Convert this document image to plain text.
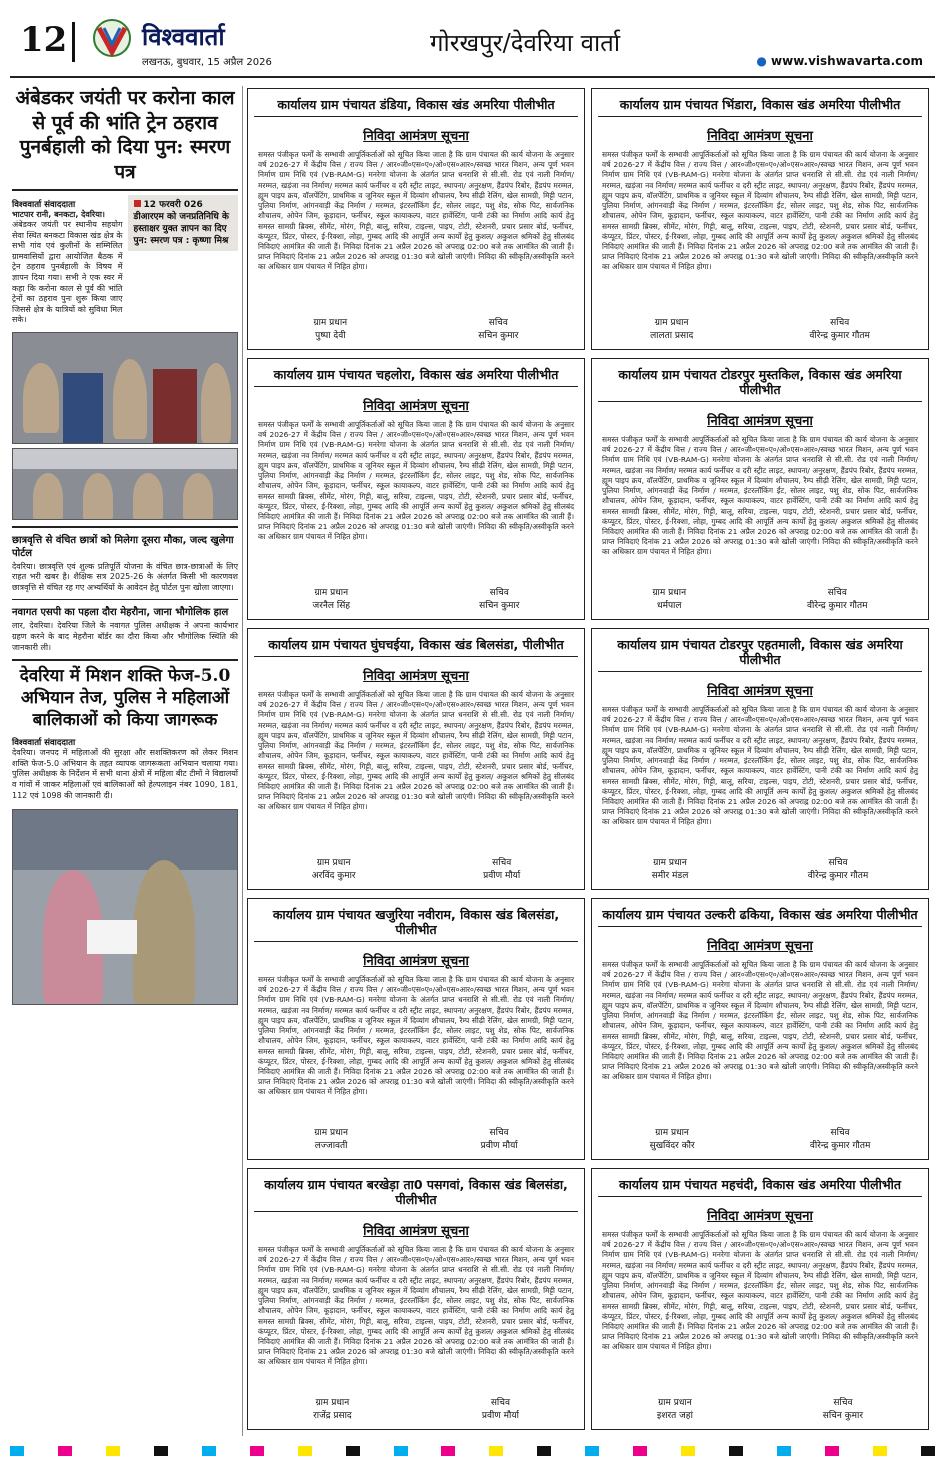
12	विश्ववार्ता
लखनऊ, बुधवार, 15 अप्रैल 2026
गोरखपुर/देवरिया वार्ता
● www.vishwavarta.com
अंबेडकर जयंती पर करोना काल से पूर्व की भांति ट्रेन ठहराव पुनर्बहाली को दिया पुन: स्मरण पत्र
विश्ववार्ता संवाददाता
भाटपार रानी, बनकटा, देवरिया।
अंबेडकर जयंती पर स्थानीय सहयोग सेवा स्थित बनकटा विकास खंड क्षेत्र के सभी गांव एवं कुलीनों के सम्मिलित ग्रामवासियों द्वारा आयोजित बैठक में ट्रेन ठहराव पुनर्बहाली के विषय में ज्ञापन दिया गया। सभी ने एक स्वर में कहा कि करोना काल से पूर्व की भांति ट्रेनों का ठहराव पुनः शुरू किया जाए जिससे क्षेत्र के यात्रियों को सुविधा मिल सके।
12 फरवरी 026 डीआरएम को जनप्रतिनिधि के हस्ताक्षर युक्त ज्ञापन का दिए पुन: स्मरण पत्र : कृष्णा मिश्र
छात्रवृत्ति से वंचित छात्रों को मिलेगा दूसरा मौका, जल्द खुलेगा पोर्टल
देवरिया। छात्रवृत्ति एवं शुल्क प्रतिपूर्ति योजना के वंचित छात्र-छात्राओं के लिए राहत भरी खबर है। शैक्षिक सत्र 2025-26 के अंतर्गत किसी भी कारणवश छात्रवृत्ति से वंचित रह गए अभ्यर्थियों के आवेदन हेतु पोर्टल पुनः खोला जाएगा।
नवागत एसपी का पहला दौरा मेहरौना, जाना भौगोलिक हाल
लार, देवरिया। देवरिया जिले के नवागत पुलिस अधीक्षक ने अपना कार्यभार ग्रहण करने के बाद मेहरौना बॉर्डर का दौरा किया और भौगोलिक स्थिति की जानकारी ली।
देवरिया में मिशन शक्ति फेज-5.0 अभियान तेज, पुलिस ने महिलाओं बालिकाओं को किया जागरूक
विश्ववार्ता संवाददाता
देवरिया। जनपद में महिलाओं की सुरक्षा और सशक्तिकरण को लेकर मिशन शक्ति फेज-5.0 अभियान के तहत व्यापक जागरूकता अभियान चलाया गया। पुलिस अधीक्षक के निर्देशन में सभी थाना क्षेत्रों में महिला बीट टीमों ने विद्यालयों व गांवों में जाकर महिलाओं एवं बालिकाओं को हेल्पलाइन नंबर 1090, 181, 112 एवं 1098 की जानकारी दी।
कार्यालय ग्राम पंचायत डंडिया, विकास खंड अमरिया पीलीभीत
निविदा आमंत्रण सूचना
समस्त पंजीकृत फर्मों के सम्भावी आपूर्तिकर्ताओं को सूचित किया जाता है कि ग्राम पंचायत की कार्य योजना के अनुसार वर्ष 2026-27 में केंद्रीय वित्त / राज्य वित्त / आर०जी०एस०ए०/ओ०एस०आर०/स्वच्छ भारत मिशन, अन्य पूर्ण भवन निर्माण ग्राम निधि एवं (VB-RAM-G) मनरेगा योजना के अंतर्गत प्राप्त धनराशि से सी.सी. रोड एवं नाली निर्माण/ मरम्मत, खड़ंजा नव निर्माण/ मरम्मत कार्य फर्नीचर व दरी स्ट्रीट लाइट, स्थापना/ अनुरक्षण, हैंडपंप रिबोर, हैंडपंप मरम्मत, ह्यूम पाइप क्रय, वॉलपेंटिंग, प्राथमिक व जूनियर स्कूल में दिव्यांग शौचालय, रैम्प सीढ़ी रेलिंग, खेल सामग्री, मिट्टी पटान, पुलिया निर्माण, आंगनवाड़ी केंद्र निर्माण / मरम्मत, इंटरलॉकिंग ईंट, सोलर लाइट, पशु शेड, सोक पिट, सार्वजनिक शौचालय, ओपेन जिम, कूड़ादान, फर्नीचर, स्कूल कायाकल्प, वाटर हार्वेस्टिंग, पानी टंकी का निर्माण आदि कार्य हेतु समस्त सामग्री ब्रिक्स, सीमेंट, मोरंग, गिट्टी, बालू, सरिया, टाइल्स, पाइप, टोटी, स्टेशनरी, प्रचार प्रसार बोर्ड, फर्नीचर, कंप्यूटर, प्रिंटर, पोस्टर, ई-रिक्शा, लोहा, गुम्बद आदि की आपूर्ति अन्य कार्यों हेतु कुशल/ अकुशल श्रमिकों हेतु सीलबंद निविदाएं आमंत्रित की जाती हैं। निविदा दिनांक 21 अप्रैल 2026 को अपराह्न 02:00 बजे तक आमंत्रित की जाती हैं। प्राप्त निविदाएं दिनांक 21 अप्रैल 2026 को अपराह्न 01:30 बजे खोली जाएंगी। निविदा की स्वीकृति/अस्वीकृति करने का अधिकार ग्राम पंचायत में निहित होगा।
ग्राम प्रधान
पुष्पा देवी
सचिव
सचिन कुमार
कार्यालय ग्राम पंचायत भिंडारा, विकास खंड अमरिया पीलीभीत
निविदा आमंत्रण सूचना
समस्त पंजीकृत फर्मों के सम्भावी आपूर्तिकर्ताओं को सूचित किया जाता है कि ग्राम पंचायत की कार्य योजना के अनुसार वर्ष 2026-27 में केंद्रीय वित्त / राज्य वित्त / आर०जी०एस०ए०/ओ०एस०आर०/स्वच्छ भारत मिशन, अन्य पूर्ण भवन निर्माण ग्राम निधि एवं (VB-RAM-G) मनरेगा योजना के अंतर्गत प्राप्त धनराशि से सी.सी. रोड एवं नाली निर्माण/ मरम्मत, खड़ंजा नव निर्माण/ मरम्मत कार्य फर्नीचर व दरी स्ट्रीट लाइट, स्थापना/ अनुरक्षण, हैंडपंप रिबोर, हैंडपंप मरम्मत, ह्यूम पाइप क्रय, वॉलपेंटिंग, प्राथमिक व जूनियर स्कूल में दिव्यांग शौचालय, रैम्प सीढ़ी रेलिंग, खेल सामग्री, मिट्टी पटान, पुलिया निर्माण, आंगनवाड़ी केंद्र निर्माण / मरम्मत, इंटरलॉकिंग ईंट, सोलर लाइट, पशु शेड, सोक पिट, सार्वजनिक शौचालय, ओपेन जिम, कूड़ादान, फर्नीचर, स्कूल कायाकल्प, वाटर हार्वेस्टिंग, पानी टंकी का निर्माण आदि कार्य हेतु समस्त सामग्री ब्रिक्स, सीमेंट, मोरंग, गिट्टी, बालू, सरिया, टाइल्स, पाइप, टोटी, स्टेशनरी, प्रचार प्रसार बोर्ड, फर्नीचर, कंप्यूटर, प्रिंटर, पोस्टर, ई-रिक्शा, लोहा, गुम्बद आदि की आपूर्ति अन्य कार्यों हेतु कुशल/ अकुशल श्रमिकों हेतु सीलबंद निविदाएं आमंत्रित की जाती हैं। निविदा दिनांक 21 अप्रैल 2026 को अपराह्न 02:00 बजे तक आमंत्रित की जाती हैं। प्राप्त निविदाएं दिनांक 21 अप्रैल 2026 को अपराह्न 01:30 बजे खोली जाएंगी। निविदा की स्वीकृति/अस्वीकृति करने का अधिकार ग्राम पंचायत में निहित होगा।
ग्राम प्रधान
लालता प्रसाद
सचिव
वीरेन्द्र कुमार गौतम
कार्यालय ग्राम पंचायत चहलोरा, विकास खंड अमरिया पीलीभीत
निविदा आमंत्रण सूचना
समस्त पंजीकृत फर्मों के सम्भावी आपूर्तिकर्ताओं को सूचित किया जाता है कि ग्राम पंचायत की कार्य योजना के अनुसार वर्ष 2026-27 में केंद्रीय वित्त / राज्य वित्त / आर०जी०एस०ए०/ओ०एस०आर०/स्वच्छ भारत मिशन, अन्य पूर्ण भवन निर्माण ग्राम निधि एवं (VB-RAM-G) मनरेगा योजना के अंतर्गत प्राप्त धनराशि से सी.सी. रोड एवं नाली निर्माण/ मरम्मत, खड़ंजा नव निर्माण/ मरम्मत कार्य फर्नीचर व दरी स्ट्रीट लाइट, स्थापना/ अनुरक्षण, हैंडपंप रिबोर, हैंडपंप मरम्मत, ह्यूम पाइप क्रय, वॉलपेंटिंग, प्राथमिक व जूनियर स्कूल में दिव्यांग शौचालय, रैम्प सीढ़ी रेलिंग, खेल सामग्री, मिट्टी पटान, पुलिया निर्माण, आंगनवाड़ी केंद्र निर्माण / मरम्मत, इंटरलॉकिंग ईंट, सोलर लाइट, पशु शेड, सोक पिट, सार्वजनिक शौचालय, ओपेन जिम, कूड़ादान, फर्नीचर, स्कूल कायाकल्प, वाटर हार्वेस्टिंग, पानी टंकी का निर्माण आदि कार्य हेतु समस्त सामग्री ब्रिक्स, सीमेंट, मोरंग, गिट्टी, बालू, सरिया, टाइल्स, पाइप, टोटी, स्टेशनरी, प्रचार प्रसार बोर्ड, फर्नीचर, कंप्यूटर, प्रिंटर, पोस्टर, ई-रिक्शा, लोहा, गुम्बद आदि की आपूर्ति अन्य कार्यों हेतु कुशल/ अकुशल श्रमिकों हेतु सीलबंद निविदाएं आमंत्रित की जाती हैं। निविदा दिनांक 21 अप्रैल 2026 को अपराह्न 02:00 बजे तक आमंत्रित की जाती हैं। प्राप्त निविदाएं दिनांक 21 अप्रैल 2026 को अपराह्न 01:30 बजे खोली जाएंगी। निविदा की स्वीकृति/अस्वीकृति करने का अधिकार ग्राम पंचायत में निहित होगा।
ग्राम प्रधान
जरनैल सिंह
सचिव
सचिन कुमार
कार्यालय ग्राम पंचायत टोडरपुर मुस्तकिल, विकास खंड अमरिया पीलीभीत
निविदा आमंत्रण सूचना
समस्त पंजीकृत फर्मों के सम्भावी आपूर्तिकर्ताओं को सूचित किया जाता है कि ग्राम पंचायत की कार्य योजना के अनुसार वर्ष 2026-27 में केंद्रीय वित्त / राज्य वित्त / आर०जी०एस०ए०/ओ०एस०आर०/स्वच्छ भारत मिशन, अन्य पूर्ण भवन निर्माण ग्राम निधि एवं (VB-RAM-G) मनरेगा योजना के अंतर्गत प्राप्त धनराशि से सी.सी. रोड एवं नाली निर्माण/ मरम्मत, खड़ंजा नव निर्माण/ मरम्मत कार्य फर्नीचर व दरी स्ट्रीट लाइट, स्थापना/ अनुरक्षण, हैंडपंप रिबोर, हैंडपंप मरम्मत, ह्यूम पाइप क्रय, वॉलपेंटिंग, प्राथमिक व जूनियर स्कूल में दिव्यांग शौचालय, रैम्प सीढ़ी रेलिंग, खेल सामग्री, मिट्टी पटान, पुलिया निर्माण, आंगनवाड़ी केंद्र निर्माण / मरम्मत, इंटरलॉकिंग ईंट, सोलर लाइट, पशु शेड, सोक पिट, सार्वजनिक शौचालय, ओपेन जिम, कूड़ादान, फर्नीचर, स्कूल कायाकल्प, वाटर हार्वेस्टिंग, पानी टंकी का निर्माण आदि कार्य हेतु समस्त सामग्री ब्रिक्स, सीमेंट, मोरंग, गिट्टी, बालू, सरिया, टाइल्स, पाइप, टोटी, स्टेशनरी, प्रचार प्रसार बोर्ड, फर्नीचर, कंप्यूटर, प्रिंटर, पोस्टर, ई-रिक्शा, लोहा, गुम्बद आदि की आपूर्ति अन्य कार्यों हेतु कुशल/ अकुशल श्रमिकों हेतु सीलबंद निविदाएं आमंत्रित की जाती हैं। निविदा दिनांक 21 अप्रैल 2026 को अपराह्न 02:00 बजे तक आमंत्रित की जाती हैं। प्राप्त निविदाएं दिनांक 21 अप्रैल 2026 को अपराह्न 01:30 बजे खोली जाएंगी। निविदा की स्वीकृति/अस्वीकृति करने का अधिकार ग्राम पंचायत में निहित होगा।
ग्राम प्रधान
धर्मपाल
सचिव
वीरेन्द्र कुमार गौतम
कार्यालय ग्राम पंचायत घुंघचईया, विकास खंड बिलसंडा, पीलीभीत
निविदा आमंत्रण सूचना
समस्त पंजीकृत फर्मों के सम्भावी आपूर्तिकर्ताओं को सूचित किया जाता है कि ग्राम पंचायत की कार्य योजना के अनुसार वर्ष 2026-27 में केंद्रीय वित्त / राज्य वित्त / आर०जी०एस०ए०/ओ०एस०आर०/स्वच्छ भारत मिशन, अन्य पूर्ण भवन निर्माण ग्राम निधि एवं (VB-RAM-G) मनरेगा योजना के अंतर्गत प्राप्त धनराशि से सी.सी. रोड एवं नाली निर्माण/ मरम्मत, खड़ंजा नव निर्माण/ मरम्मत कार्य फर्नीचर व दरी स्ट्रीट लाइट, स्थापना/ अनुरक्षण, हैंडपंप रिबोर, हैंडपंप मरम्मत, ह्यूम पाइप क्रय, वॉलपेंटिंग, प्राथमिक व जूनियर स्कूल में दिव्यांग शौचालय, रैम्प सीढ़ी रेलिंग, खेल सामग्री, मिट्टी पटान, पुलिया निर्माण, आंगनवाड़ी केंद्र निर्माण / मरम्मत, इंटरलॉकिंग ईंट, सोलर लाइट, पशु शेड, सोक पिट, सार्वजनिक शौचालय, ओपेन जिम, कूड़ादान, फर्नीचर, स्कूल कायाकल्प, वाटर हार्वेस्टिंग, पानी टंकी का निर्माण आदि कार्य हेतु समस्त सामग्री ब्रिक्स, सीमेंट, मोरंग, गिट्टी, बालू, सरिया, टाइल्स, पाइप, टोटी, स्टेशनरी, प्रचार प्रसार बोर्ड, फर्नीचर, कंप्यूटर, प्रिंटर, पोस्टर, ई-रिक्शा, लोहा, गुम्बद आदि की आपूर्ति अन्य कार्यों हेतु कुशल/ अकुशल श्रमिकों हेतु सीलबंद निविदाएं आमंत्रित की जाती हैं। निविदा दिनांक 21 अप्रैल 2026 को अपराह्न 02:00 बजे तक आमंत्रित की जाती हैं। प्राप्त निविदाएं दिनांक 21 अप्रैल 2026 को अपराह्न 01:30 बजे खोली जाएंगी। निविदा की स्वीकृति/अस्वीकृति करने का अधिकार ग्राम पंचायत में निहित होगा।
ग्राम प्रधान
अरविंद कुमार
सचिव
प्रवीण मौर्या
कार्यालय ग्राम पंचायत टोडरपुर एहतमाली, विकास खंड अमरिया पीलीभीत
निविदा आमंत्रण सूचना
समस्त पंजीकृत फर्मों के सम्भावी आपूर्तिकर्ताओं को सूचित किया जाता है कि ग्राम पंचायत की कार्य योजना के अनुसार वर्ष 2026-27 में केंद्रीय वित्त / राज्य वित्त / आर०जी०एस०ए०/ओ०एस०आर०/स्वच्छ भारत मिशन, अन्य पूर्ण भवन निर्माण ग्राम निधि एवं (VB-RAM-G) मनरेगा योजना के अंतर्गत प्राप्त धनराशि से सी.सी. रोड एवं नाली निर्माण/ मरम्मत, खड़ंजा नव निर्माण/ मरम्मत कार्य फर्नीचर व दरी स्ट्रीट लाइट, स्थापना/ अनुरक्षण, हैंडपंप रिबोर, हैंडपंप मरम्मत, ह्यूम पाइप क्रय, वॉलपेंटिंग, प्राथमिक व जूनियर स्कूल में दिव्यांग शौचालय, रैम्प सीढ़ी रेलिंग, खेल सामग्री, मिट्टी पटान, पुलिया निर्माण, आंगनवाड़ी केंद्र निर्माण / मरम्मत, इंटरलॉकिंग ईंट, सोलर लाइट, पशु शेड, सोक पिट, सार्वजनिक शौचालय, ओपेन जिम, कूड़ादान, फर्नीचर, स्कूल कायाकल्प, वाटर हार्वेस्टिंग, पानी टंकी का निर्माण आदि कार्य हेतु समस्त सामग्री ब्रिक्स, सीमेंट, मोरंग, गिट्टी, बालू, सरिया, टाइल्स, पाइप, टोटी, स्टेशनरी, प्रचार प्रसार बोर्ड, फर्नीचर, कंप्यूटर, प्रिंटर, पोस्टर, ई-रिक्शा, लोहा, गुम्बद आदि की आपूर्ति अन्य कार्यों हेतु कुशल/ अकुशल श्रमिकों हेतु सीलबंद निविदाएं आमंत्रित की जाती हैं। निविदा दिनांक 21 अप्रैल 2026 को अपराह्न 02:00 बजे तक आमंत्रित की जाती हैं। प्राप्त निविदाएं दिनांक 21 अप्रैल 2026 को अपराह्न 01:30 बजे खोली जाएंगी। निविदा की स्वीकृति/अस्वीकृति करने का अधिकार ग्राम पंचायत में निहित होगा।
ग्राम प्रधान
समीर मंडल
सचिव
वीरेन्द्र कुमार गौतम
कार्यालय ग्राम पंचायत खजुरिया नवीराम, विकास खंड बिलसंडा, पीलीभीत
निविदा आमंत्रण सूचना
समस्त पंजीकृत फर्मों के सम्भावी आपूर्तिकर्ताओं को सूचित किया जाता है कि ग्राम पंचायत की कार्य योजना के अनुसार वर्ष 2026-27 में केंद्रीय वित्त / राज्य वित्त / आर०जी०एस०ए०/ओ०एस०आर०/स्वच्छ भारत मिशन, अन्य पूर्ण भवन निर्माण ग्राम निधि एवं (VB-RAM-G) मनरेगा योजना के अंतर्गत प्राप्त धनराशि से सी.सी. रोड एवं नाली निर्माण/ मरम्मत, खड़ंजा नव निर्माण/ मरम्मत कार्य फर्नीचर व दरी स्ट्रीट लाइट, स्थापना/ अनुरक्षण, हैंडपंप रिबोर, हैंडपंप मरम्मत, ह्यूम पाइप क्रय, वॉलपेंटिंग, प्राथमिक व जूनियर स्कूल में दिव्यांग शौचालय, रैम्प सीढ़ी रेलिंग, खेल सामग्री, मिट्टी पटान, पुलिया निर्माण, आंगनवाड़ी केंद्र निर्माण / मरम्मत, इंटरलॉकिंग ईंट, सोलर लाइट, पशु शेड, सोक पिट, सार्वजनिक शौचालय, ओपेन जिम, कूड़ादान, फर्नीचर, स्कूल कायाकल्प, वाटर हार्वेस्टिंग, पानी टंकी का निर्माण आदि कार्य हेतु समस्त सामग्री ब्रिक्स, सीमेंट, मोरंग, गिट्टी, बालू, सरिया, टाइल्स, पाइप, टोटी, स्टेशनरी, प्रचार प्रसार बोर्ड, फर्नीचर, कंप्यूटर, प्रिंटर, पोस्टर, ई-रिक्शा, लोहा, गुम्बद आदि की आपूर्ति अन्य कार्यों हेतु कुशल/ अकुशल श्रमिकों हेतु सीलबंद निविदाएं आमंत्रित की जाती हैं। निविदा दिनांक 21 अप्रैल 2026 को अपराह्न 02:00 बजे तक आमंत्रित की जाती हैं। प्राप्त निविदाएं दिनांक 21 अप्रैल 2026 को अपराह्न 01:30 बजे खोली जाएंगी। निविदा की स्वीकृति/अस्वीकृति करने का अधिकार ग्राम पंचायत में निहित होगा।
ग्राम प्रधान
लज्जावती
सचिव
प्रवीण मौर्या
कार्यालय ग्राम पंचायत उल्करी ढकिया, विकास खंड अमरिया पीलीभीत
निविदा आमंत्रण सूचना
समस्त पंजीकृत फर्मों के सम्भावी आपूर्तिकर्ताओं को सूचित किया जाता है कि ग्राम पंचायत की कार्य योजना के अनुसार वर्ष 2026-27 में केंद्रीय वित्त / राज्य वित्त / आर०जी०एस०ए०/ओ०एस०आर०/स्वच्छ भारत मिशन, अन्य पूर्ण भवन निर्माण ग्राम निधि एवं (VB-RAM-G) मनरेगा योजना के अंतर्गत प्राप्त धनराशि से सी.सी. रोड एवं नाली निर्माण/ मरम्मत, खड़ंजा नव निर्माण/ मरम्मत कार्य फर्नीचर व दरी स्ट्रीट लाइट, स्थापना/ अनुरक्षण, हैंडपंप रिबोर, हैंडपंप मरम्मत, ह्यूम पाइप क्रय, वॉलपेंटिंग, प्राथमिक व जूनियर स्कूल में दिव्यांग शौचालय, रैम्प सीढ़ी रेलिंग, खेल सामग्री, मिट्टी पटान, पुलिया निर्माण, आंगनवाड़ी केंद्र निर्माण / मरम्मत, इंटरलॉकिंग ईंट, सोलर लाइट, पशु शेड, सोक पिट, सार्वजनिक शौचालय, ओपेन जिम, कूड़ादान, फर्नीचर, स्कूल कायाकल्प, वाटर हार्वेस्टिंग, पानी टंकी का निर्माण आदि कार्य हेतु समस्त सामग्री ब्रिक्स, सीमेंट, मोरंग, गिट्टी, बालू, सरिया, टाइल्स, पाइप, टोटी, स्टेशनरी, प्रचार प्रसार बोर्ड, फर्नीचर, कंप्यूटर, प्रिंटर, पोस्टर, ई-रिक्शा, लोहा, गुम्बद आदि की आपूर्ति अन्य कार्यों हेतु कुशल/ अकुशल श्रमिकों हेतु सीलबंद निविदाएं आमंत्रित की जाती हैं। निविदा दिनांक 21 अप्रैल 2026 को अपराह्न 02:00 बजे तक आमंत्रित की जाती हैं। प्राप्त निविदाएं दिनांक 21 अप्रैल 2026 को अपराह्न 01:30 बजे खोली जाएंगी। निविदा की स्वीकृति/अस्वीकृति करने का अधिकार ग्राम पंचायत में निहित होगा।
ग्राम प्रधान
सुखविंदर कौर
सचिव
वीरेन्द्र कुमार गौतम
कार्यालय ग्राम पंचायत बरखेड़ा ता0 पसगवां, विकास खंड बिलसंडा, पीलीभीत
निविदा आमंत्रण सूचना
समस्त पंजीकृत फर्मों के सम्भावी आपूर्तिकर्ताओं को सूचित किया जाता है कि ग्राम पंचायत की कार्य योजना के अनुसार वर्ष 2026-27 में केंद्रीय वित्त / राज्य वित्त / आर०जी०एस०ए०/ओ०एस०आर०/स्वच्छ भारत मिशन, अन्य पूर्ण भवन निर्माण ग्राम निधि एवं (VB-RAM-G) मनरेगा योजना के अंतर्गत प्राप्त धनराशि से सी.सी. रोड एवं नाली निर्माण/ मरम्मत, खड़ंजा नव निर्माण/ मरम्मत कार्य फर्नीचर व दरी स्ट्रीट लाइट, स्थापना/ अनुरक्षण, हैंडपंप रिबोर, हैंडपंप मरम्मत, ह्यूम पाइप क्रय, वॉलपेंटिंग, प्राथमिक व जूनियर स्कूल में दिव्यांग शौचालय, रैम्प सीढ़ी रेलिंग, खेल सामग्री, मिट्टी पटान, पुलिया निर्माण, आंगनवाड़ी केंद्र निर्माण / मरम्मत, इंटरलॉकिंग ईंट, सोलर लाइट, पशु शेड, सोक पिट, सार्वजनिक शौचालय, ओपेन जिम, कूड़ादान, फर्नीचर, स्कूल कायाकल्प, वाटर हार्वेस्टिंग, पानी टंकी का निर्माण आदि कार्य हेतु समस्त सामग्री ब्रिक्स, सीमेंट, मोरंग, गिट्टी, बालू, सरिया, टाइल्स, पाइप, टोटी, स्टेशनरी, प्रचार प्रसार बोर्ड, फर्नीचर, कंप्यूटर, प्रिंटर, पोस्टर, ई-रिक्शा, लोहा, गुम्बद आदि की आपूर्ति अन्य कार्यों हेतु कुशल/ अकुशल श्रमिकों हेतु सीलबंद निविदाएं आमंत्रित की जाती हैं। निविदा दिनांक 21 अप्रैल 2026 को अपराह्न 02:00 बजे तक आमंत्रित की जाती हैं। प्राप्त निविदाएं दिनांक 21 अप्रैल 2026 को अपराह्न 01:30 बजे खोली जाएंगी। निविदा की स्वीकृति/अस्वीकृति करने का अधिकार ग्राम पंचायत में निहित होगा।
ग्राम प्रधान
राजेंद्र प्रसाद
सचिव
प्रवीण मौर्या
कार्यालय ग्राम पंचायत महचंदी, विकास खंड अमरिया पीलीभीत
निविदा आमंत्रण सूचना
समस्त पंजीकृत फर्मों के सम्भावी आपूर्तिकर्ताओं को सूचित किया जाता है कि ग्राम पंचायत की कार्य योजना के अनुसार वर्ष 2026-27 में केंद्रीय वित्त / राज्य वित्त / आर०जी०एस०ए०/ओ०एस०आर०/स्वच्छ भारत मिशन, अन्य पूर्ण भवन निर्माण ग्राम निधि एवं (VB-RAM-G) मनरेगा योजना के अंतर्गत प्राप्त धनराशि से सी.सी. रोड एवं नाली निर्माण/ मरम्मत, खड़ंजा नव निर्माण/ मरम्मत कार्य फर्नीचर व दरी स्ट्रीट लाइट, स्थापना/ अनुरक्षण, हैंडपंप रिबोर, हैंडपंप मरम्मत, ह्यूम पाइप क्रय, वॉलपेंटिंग, प्राथमिक व जूनियर स्कूल में दिव्यांग शौचालय, रैम्प सीढ़ी रेलिंग, खेल सामग्री, मिट्टी पटान, पुलिया निर्माण, आंगनवाड़ी केंद्र निर्माण / मरम्मत, इंटरलॉकिंग ईंट, सोलर लाइट, पशु शेड, सोक पिट, सार्वजनिक शौचालय, ओपेन जिम, कूड़ादान, फर्नीचर, स्कूल कायाकल्प, वाटर हार्वेस्टिंग, पानी टंकी का निर्माण आदि कार्य हेतु समस्त सामग्री ब्रिक्स, सीमेंट, मोरंग, गिट्टी, बालू, सरिया, टाइल्स, पाइप, टोटी, स्टेशनरी, प्रचार प्रसार बोर्ड, फर्नीचर, कंप्यूटर, प्रिंटर, पोस्टर, ई-रिक्शा, लोहा, गुम्बद आदि की आपूर्ति अन्य कार्यों हेतु कुशल/ अकुशल श्रमिकों हेतु सीलबंद निविदाएं आमंत्रित की जाती हैं। निविदा दिनांक 21 अप्रैल 2026 को अपराह्न 02:00 बजे तक आमंत्रित की जाती हैं। प्राप्त निविदाएं दिनांक 21 अप्रैल 2026 को अपराह्न 01:30 बजे खोली जाएंगी। निविदा की स्वीकृति/अस्वीकृति करने का अधिकार ग्राम पंचायत में निहित होगा।
ग्राम प्रधान
इशरत जहां
सचिव
सचिन कुमार
